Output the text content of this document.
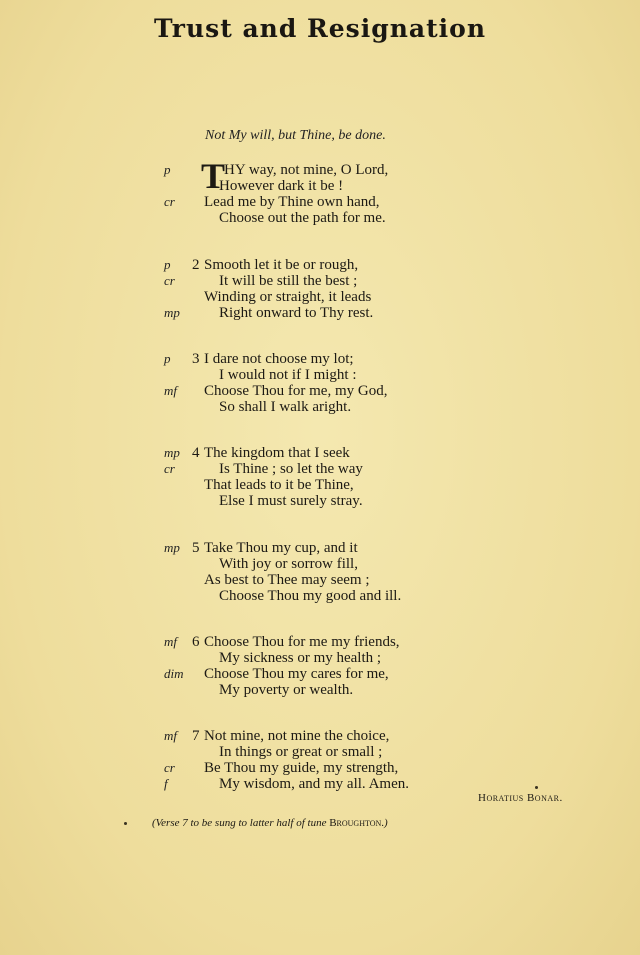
Trust and Resignation
Not My will, but Thine, be done.
p T
HY way, not mine, O Lord,
However dark it be !
cr Lead me by Thine own hand,
Choose out the path for me.
p 2 Smooth let it be or rough,
cr	It will be still the best ;
Winding or straight, it leads
mp	Right onward to Thy rest.
p 3 I dare not choose my lot;
I would not if I might :
mf Choose Thou for me, my God,
So shall I walk aright.
mp 4 The kingdom that I seek
cr	Is Thine ; so let the way
That leads to it be Thine,
Else I must surely stray.
mp 5 Take Thou my cup, and it
With joy or sorrow fill,
As best to Thee may seem ;
Choose Thou my good and ill.
mf 6 Choose Thou for me my friends,
My sickness or my health ;
dim Choose Thou my cares for me,
My poverty or wealth.
mf 7 Not mine, not mine the choice,
In things or great or small ;
cr Be Thou my guide, my strength,
f	My wisdom, and my all. Amen.
Horatius Bonar.
(Verse 7 to be sung to latter half of tune Broughton.)
